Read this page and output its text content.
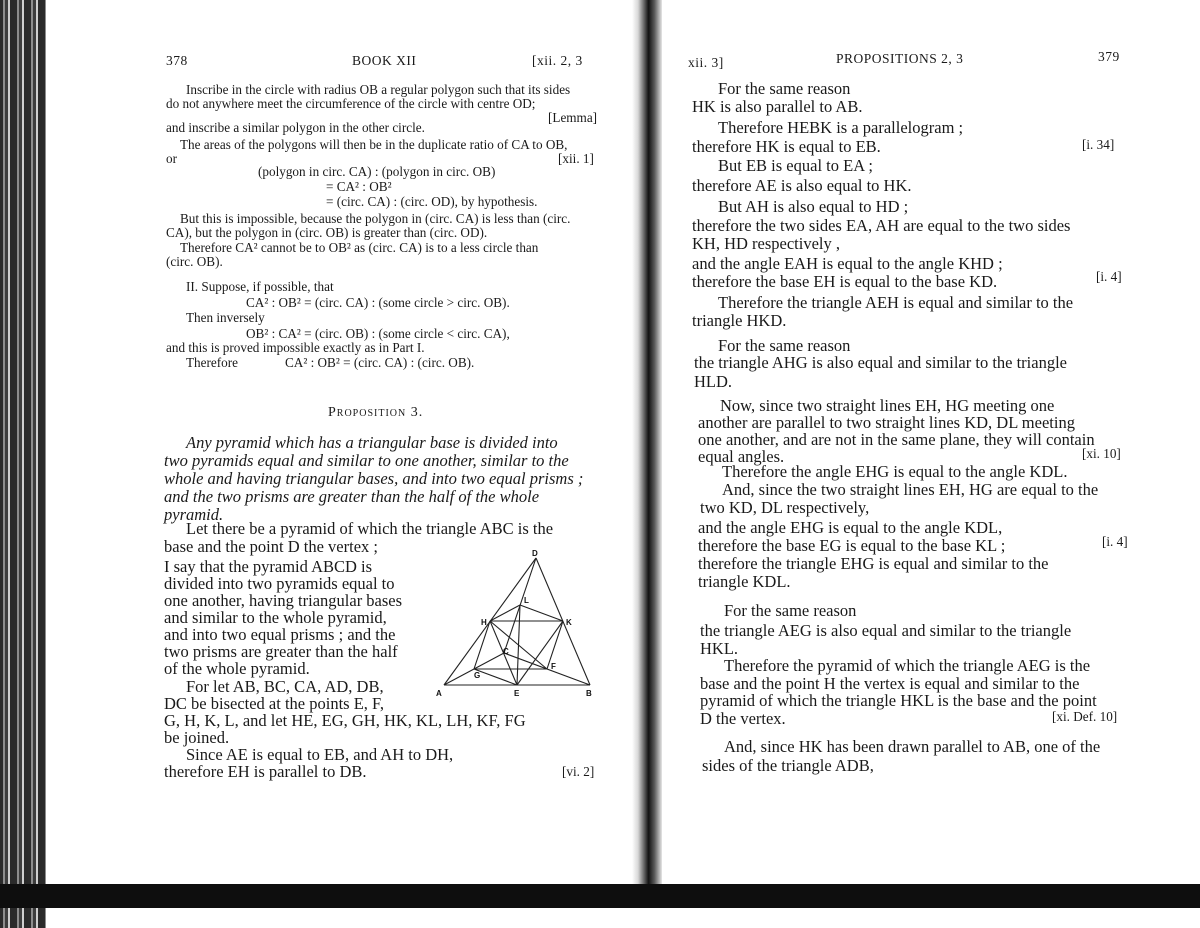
378	BOOK XII	[xii. 2, 3
Inscribe in the circle with radius OB a regular polygon such that its sides
do not anywhere meet the circumference of the circle with centre OD;
[Lemma]
and inscribe a similar polygon in the other circle.
The areas of the polygons will then be in the duplicate ratio of CA to OB,
or	[xii. 1]
(polygon in circ. CA) : (polygon in circ. OB)
= CA² : OB²
= (circ. CA) : (circ. OD), by hypothesis.
But this is impossible, because the polygon in (circ. CA) is less than (circ.
CA), but the polygon in (circ. OB) is greater than (circ. OD).
Therefore CA² cannot be to OB² as (circ. CA) is to a less circle than
(circ. OB).
II. Suppose, if possible, that
CA² : OB² = (circ. CA) : (some circle > circ. OB).
Then inversely
OB² : CA² = (circ. OB) : (some circle < circ. CA),
and this is proved impossible exactly as in Part I.
Therefore	CA² : OB² = (circ. CA) : (circ. OB).
Proposition 3.
Any pyramid which has a triangular base is divided into
two pyramids equal and similar to one another, similar to the
whole and having triangular bases, and into two equal prisms ;
and the two prisms are greater than the half of the whole
pyramid.
Let there be a pyramid of which the triangle ABC is the
base and the point D the vertex ;
I say that the pyramid ABCD is
divided into two pyramids equal to
one another, having triangular bases
and similar to the whole pyramid,
and into two equal prisms ; and the
two prisms are greater than the half
of the whole pyramid.
For let AB, BC, CA, AD, DB,
DC be bisected at the points E, F,
G, H, K, L, and let HE, EG, GH, HK, KL, LH, KF, FG
be joined.
Since AE is equal to EB, and AH to DH,
therefore EH is parallel to DB.	[vi. 2]
D
L
H	K
C
G
F
A	E	B
xii. 3]	PROPOSITIONS 2, 3	379
For the same reason
HK is also parallel to AB.
Therefore HEBK is a parallelogram ;
therefore HK is equal to EB.	[i. 34]
But EB is equal to EA ;
therefore AE is also equal to HK.
But AH is also equal to HD ;
therefore the two sides EA, AH are equal to the two sides
KH, HD respectively ,
and the angle EAH is equal to the angle KHD ;
therefore the base EH is equal to the base KD.	[i. 4]
Therefore the triangle AEH is equal and similar to the
triangle HKD.
For the same reason
the triangle AHG is also equal and similar to the triangle
HLD.
Now, since two straight lines EH, HG meeting one
another are parallel to two straight lines KD, DL meeting
one another, and are not in the same plane, they will contain
equal angles.	[xi. 10]
Therefore the angle EHG is equal to the angle KDL.
And, since the two straight lines EH, HG are equal to the
two KD, DL respectively,
and the angle EHG is equal to the angle KDL,
therefore the base EG is equal to the base KL ;	[i. 4]
therefore the triangle EHG is equal and similar to the
triangle KDL.
For the same reason
the triangle AEG is also equal and similar to the triangle
HKL.
Therefore the pyramid of which the triangle AEG is the
base and the point H the vertex is equal and similar to the
pyramid of which the triangle HKL is the base and the point
D the vertex.	[xi. Def. 10]
And, since HK has been drawn parallel to AB, one of the
sides of the triangle ADB,
